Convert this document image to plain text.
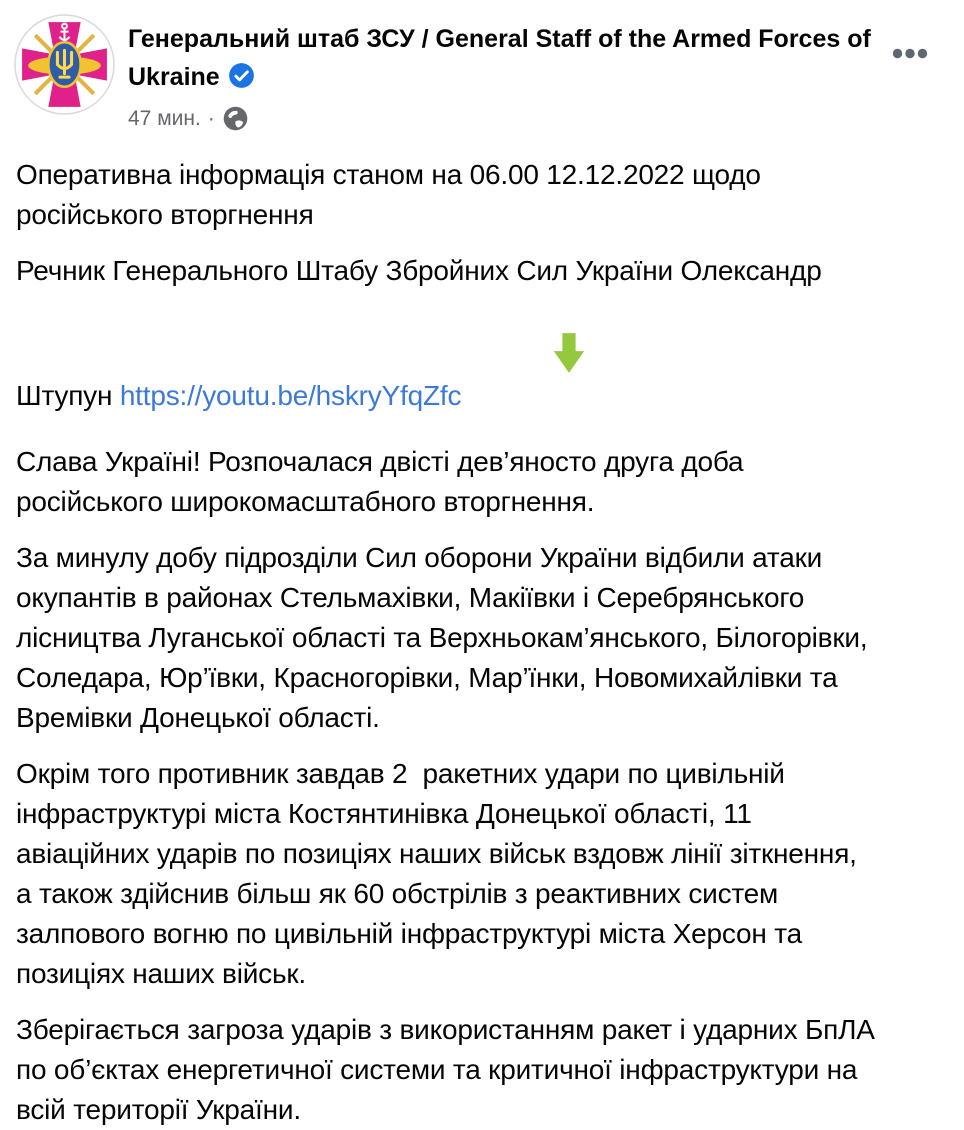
Генеральний штаб ЗСУ / General Staff of the Armed Forces of Ukraine
47 мин. ·

Оперативна інформація станом на 06.00 12.12.2022 щодо
російського вторгнення

Речник Генерального Штабу Збройних Сил України Олександр
Штупун https://youtu.be/hskryYfqZfc

Слава Україні! Розпочалася двісті дев’яносто друга доба
російського широкомасштабного вторгнення.

За минулу добу підрозділи Сил оборони України відбили атаки
окупантів в районах Стельмахівки, Макіївки і Серебрянського
лісництва Луганської області та Верхньокам’янського, Білогорівки,
Соледара, Юр’ївки, Красногорівки, Мар’їнки, Новомихайлівки та
Времівки Донецької області.

Окрім того противник завдав 2  ракетних удари по цивільній
інфраструктурі міста Костянтинівка Донецької області, 11
авіаційних ударів по позиціях наших військ вздовж лінії зіткнення,
а також здійснив більш як 60 обстрілів з реактивних систем
залпового вогню по цивільній інфраструктурі міста Херсон та
позиціях наших військ.

Зберігається загроза ударів з використанням ракет і ударних БпЛА
по об’єктах енергетичної системи та критичної інфраструктури на
всій території України.
